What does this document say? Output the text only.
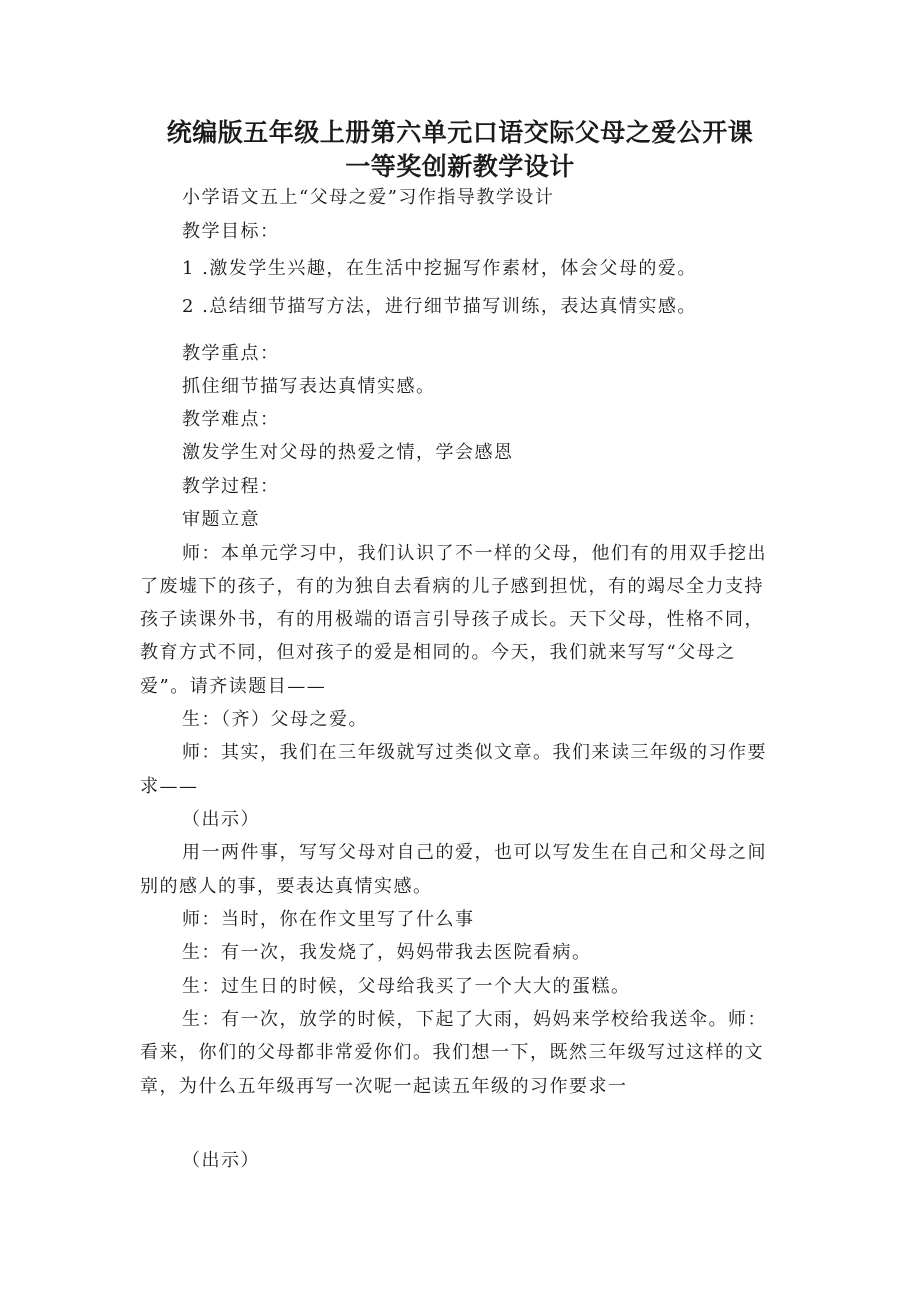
统编版五年级上册第六单元口语交际父母之爱公开课
一等奖创新教学设计
小学语文五上“父母之爱”习作指导教学设计
教学目标：
1 .激发学生兴趣，在生活中挖掘写作素材，体会父母的爱。
2 .总结细节描写方法，进行细节描写训练，表达真情实感。
教学重点：
抓住细节描写表达真情实感。
教学难点：
激发学生对父母的热爱之情，学会感恩
教学过程：
审题立意
师：本单元学习中，我们认识了不一样的父母，他们有的用双手挖出
了废墟下的孩子，有的为独自去看病的儿子感到担忧，有的竭尽全力支持
孩子读课外书，有的用极端的语言引导孩子成长。天下父母，性格不同，
教育方式不同，但对孩子的爱是相同的。今天，我们就来写写“父母之
爱”。请齐读题目——
生：（齐）父母之爱。
师：其实，我们在三年级就写过类似文章。我们来读三年级的习作要
求——
（出示）
用一两件事，写写父母对自己的爱，也可以写发生在自己和父母之间
别的感人的事，要表达真情实感。
师：当时，你在作文里写了什么事
生：有一次，我发烧了，妈妈带我去医院看病。
生：过生日的时候，父母给我买了一个大大的蛋糕。
生：有一次，放学的时候，下起了大雨，妈妈来学校给我送伞。师：
看来，你们的父母都非常爱你们。我们想一下，既然三年级写过这样的文
章，为什么五年级再写一次呢一起读五年级的习作要求一
（出示）
